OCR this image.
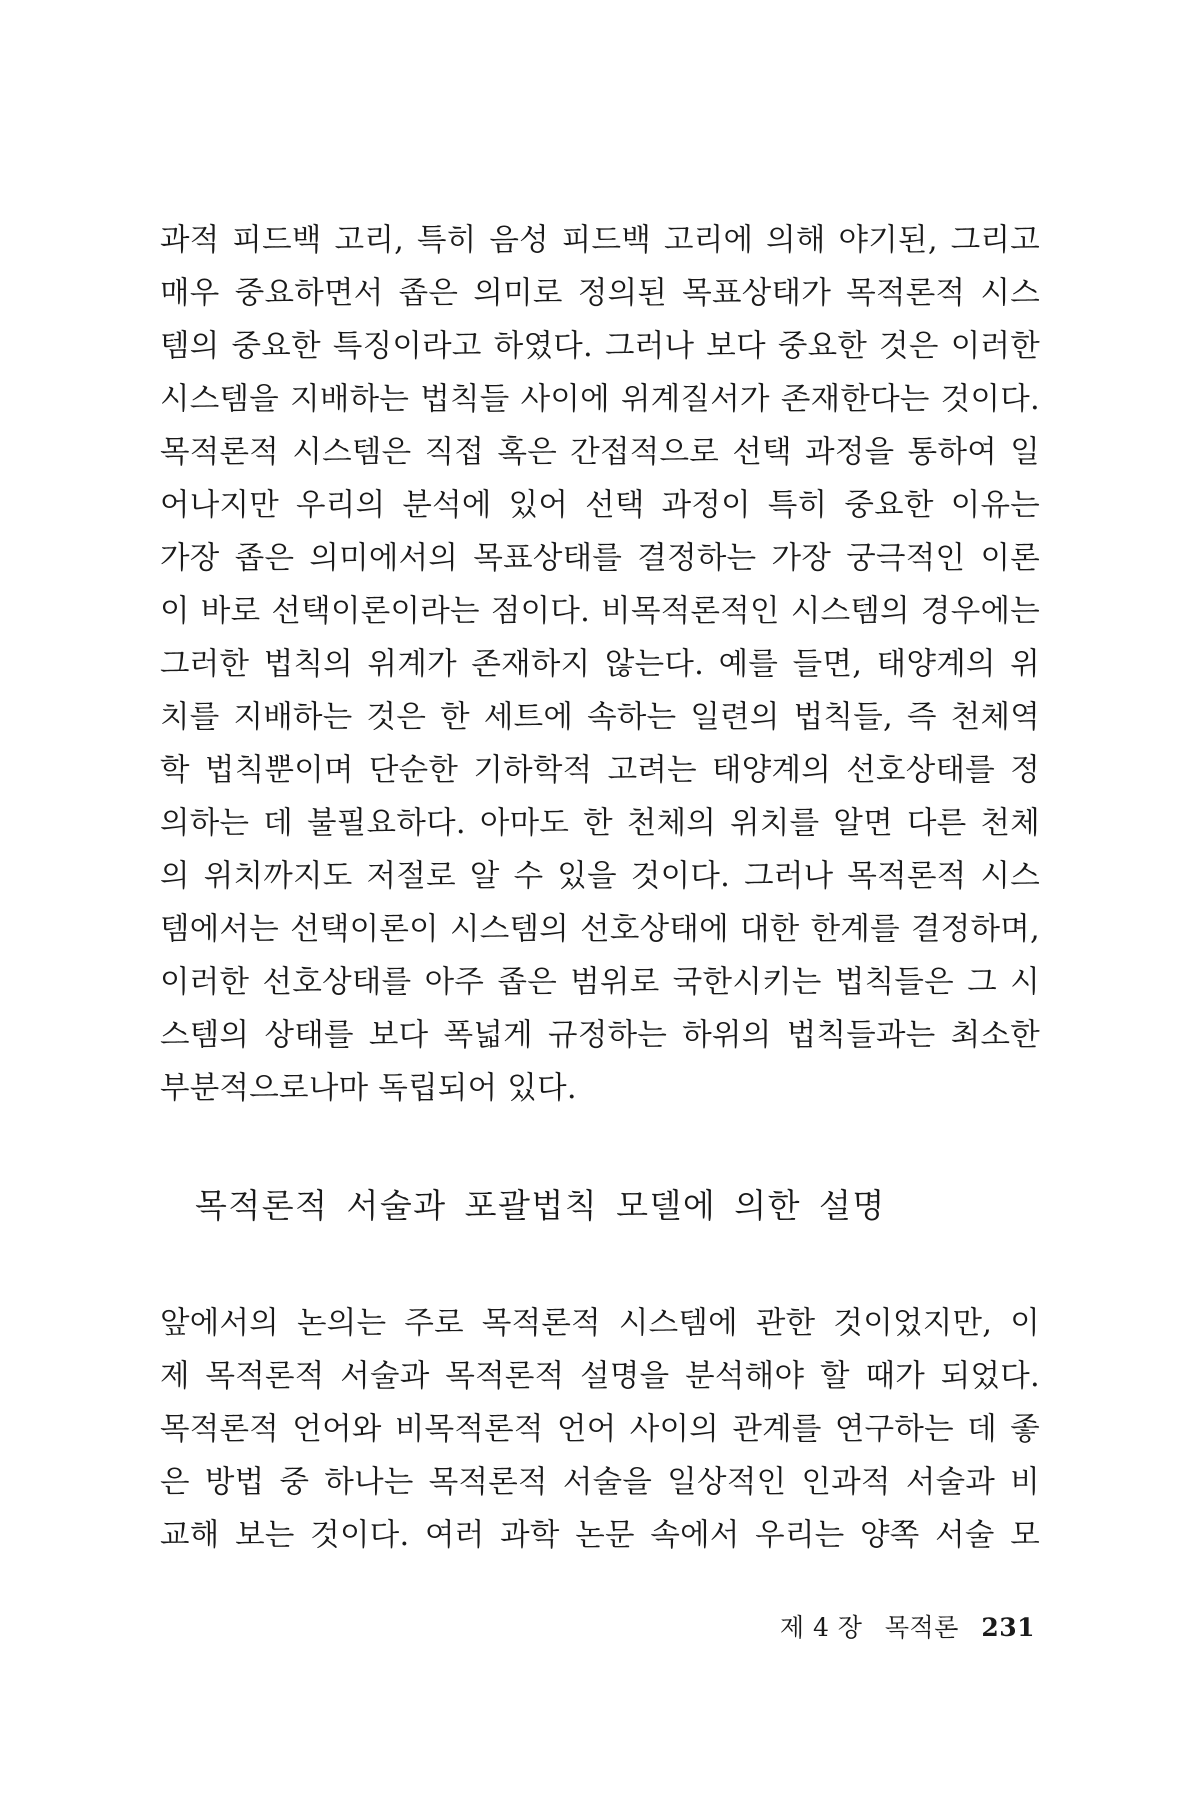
과적 피드백 고리, 특히 음성 피드백 고리에 의해 야기된, 그리고
매우 중요하면서 좁은 의미로 정의된 목표상태가 목적론적 시스
템의 중요한 특징이라고 하였다. 그러나 보다 중요한 것은 이러한
시스템을 지배하는 법칙들 사이에 위계질서가 존재한다는 것이다.
목적론적 시스템은 직접 혹은 간접적으로 선택 과정을 통하여 일
어나지만 우리의 분석에 있어 선택 과정이 특히 중요한 이유는
가장 좁은 의미에서의 목표상태를 결정하는 가장 궁극적인 이론
이 바로 선택이론이라는 점이다. 비목적론적인 시스템의 경우에는
그러한 법칙의 위계가 존재하지 않는다. 예를 들면, 태양계의 위
치를 지배하는 것은 한 세트에 속하는 일련의 법칙들, 즉 천체역
학 법칙뿐이며 단순한 기하학적 고려는 태양계의 선호상태를 정
의하는 데 불필요하다. 아마도 한 천체의 위치를 알면 다른 천체
의 위치까지도 저절로 알 수 있을 것이다. 그러나 목적론적 시스
템에서는 선택이론이 시스템의 선호상태에 대한 한계를 결정하며,
이러한 선호상태를 아주 좁은 범위로 국한시키는 법칙들은 그 시
스템의 상태를 보다 폭넓게 규정하는 하위의 법칙들과는 최소한
부분적으로나마 독립되어 있다.
목적론적 서술과 포괄법칙 모델에 의한 설명
앞에서의 논의는 주로 목적론적 시스템에 관한 것이었지만, 이
제 목적론적 서술과 목적론적 설명을 분석해야 할 때가 되었다.
목적론적 언어와 비목적론적 언어 사이의 관계를 연구하는 데 좋
은 방법 중 하나는 목적론적 서술을 일상적인 인과적 서술과 비
교해 보는 것이다. 여러 과학 논문 속에서 우리는 양쪽 서술 모
제 4 장 목적론 231
